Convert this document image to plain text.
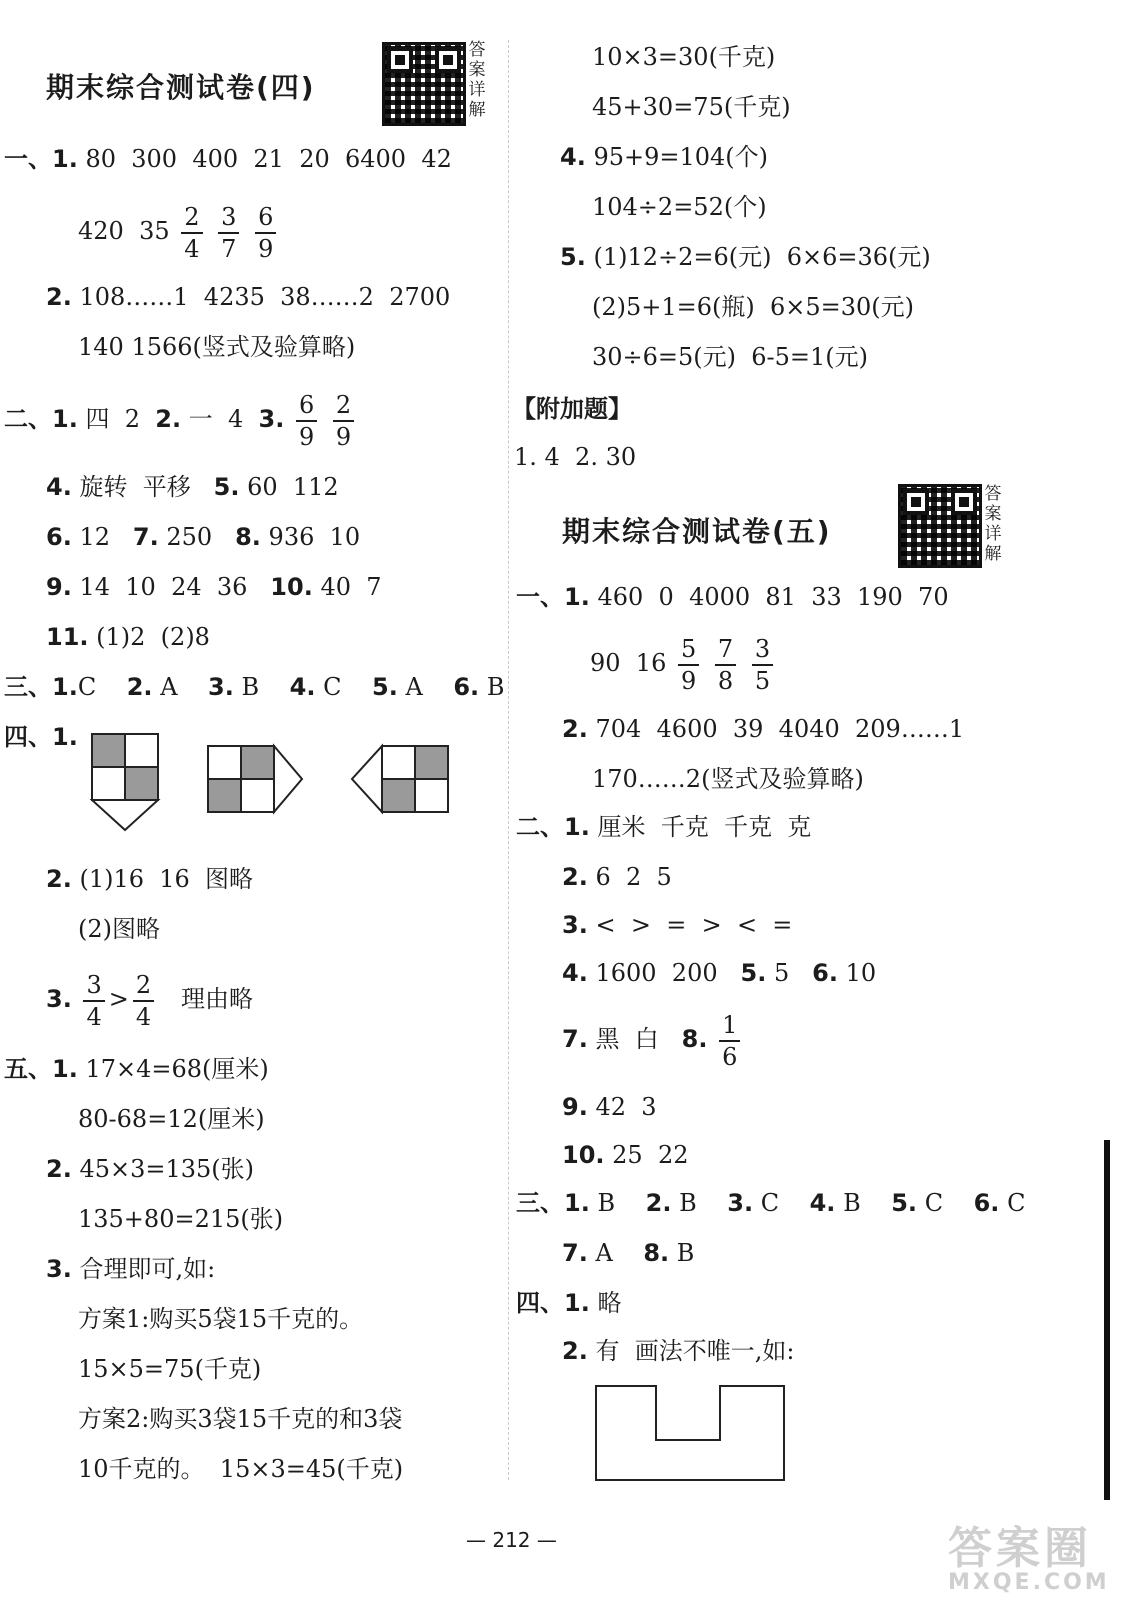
期末综合测试卷(四)
答
案
详
解
一、1. 80  300  400  21  20  6400  42
420  $35 \frac{2}{4}$
$\frac{3}{7}$
$\frac{6}{9}$
2. 108……1  4235  38……2  2700
140 1566(竖式及验算略)
二、1. 四  2 2. 一  4 3. $\frac{6}{9}$
$\frac{2}{9}$
4. 旋转  平移 5. 60  112
6. 12 7. 250 8. 936  10
9. 14  10  24  36 10. 40  7
11. (1)2  (2)8
三、1.C 2. A 3. B 4. C 5. A 6. B
四、1.
2. (1)16  16  图略
(2)图略
3. $\frac{3}{4} > \frac{2}{4}$ 理由略
五、1. 17×4=68(厘米)
80-68=12(厘米)
2. 45×3=135(张)
135+80=215(张)
3. 合理即可,如:
方案1:购买5袋15千克的。
15×5=75(千克)
方案2:购买3袋15千克的和3袋
10千克的。  15×3=45(千克)
10×3=30(千克)
45+30=75(千克)
4. 95+9=104(个)
104÷2=52(个)
5. (1)12÷2=6(元)  6×6=36(元)
(2)5+1=6(瓶)  6×5=30(元)
30÷6=5(元)  6-5=1(元)
【附加题】
1. 4  2. 30
期末综合测试卷(五)
答
案
详
解
一、1. 460  0  4000  81  33  190  70
90  $16 \frac{5}{9}$
$\frac{7}{8}$
$\frac{3}{5}$
2. 704  4600  39  4040  209……1
170……2(竖式及验算略)
二、1. 厘米  千克  千克  克
2. 6  2  5
3. <  >  =  >  <  =
4. 1600  200 5. 5 6. 10
7. 黑  白 8. $\frac{1}{6}$
9. 42  3
10. 25  22
三、1. B 2. B 3. C 4. B 5. C 6. C
7. A 8. B
四、1. 略
2. 有  画法不唯一,如:
— 212 —	答案圈
MXQE.COM
